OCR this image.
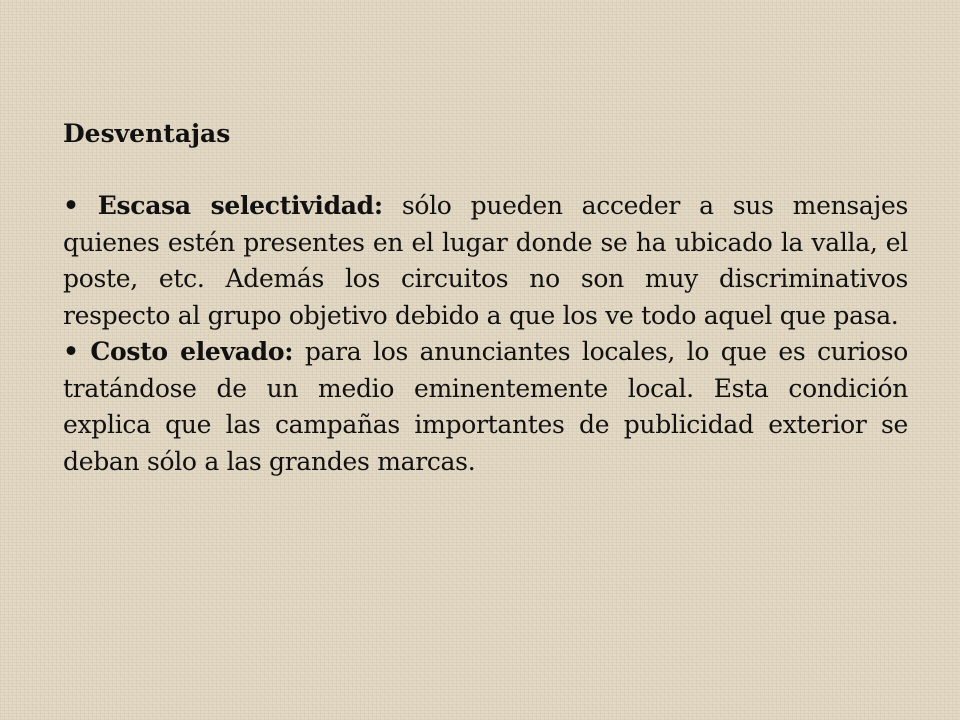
Desventajas

• Escasa selectividad: sólo pueden acceder a sus mensajes quienes estén presentes en el lugar donde se ha ubicado la valla, el poste, etc. Además los circuitos no son muy discriminativos respecto al grupo objetivo debido a que los ve todo aquel que pasa.

• Costo elevado: para los anunciantes locales, lo que es curioso tratándose de un medio eminentemente local. Esta condición explica que las campañas importantes de publicidad exterior se deban sólo a las grandes marcas.
